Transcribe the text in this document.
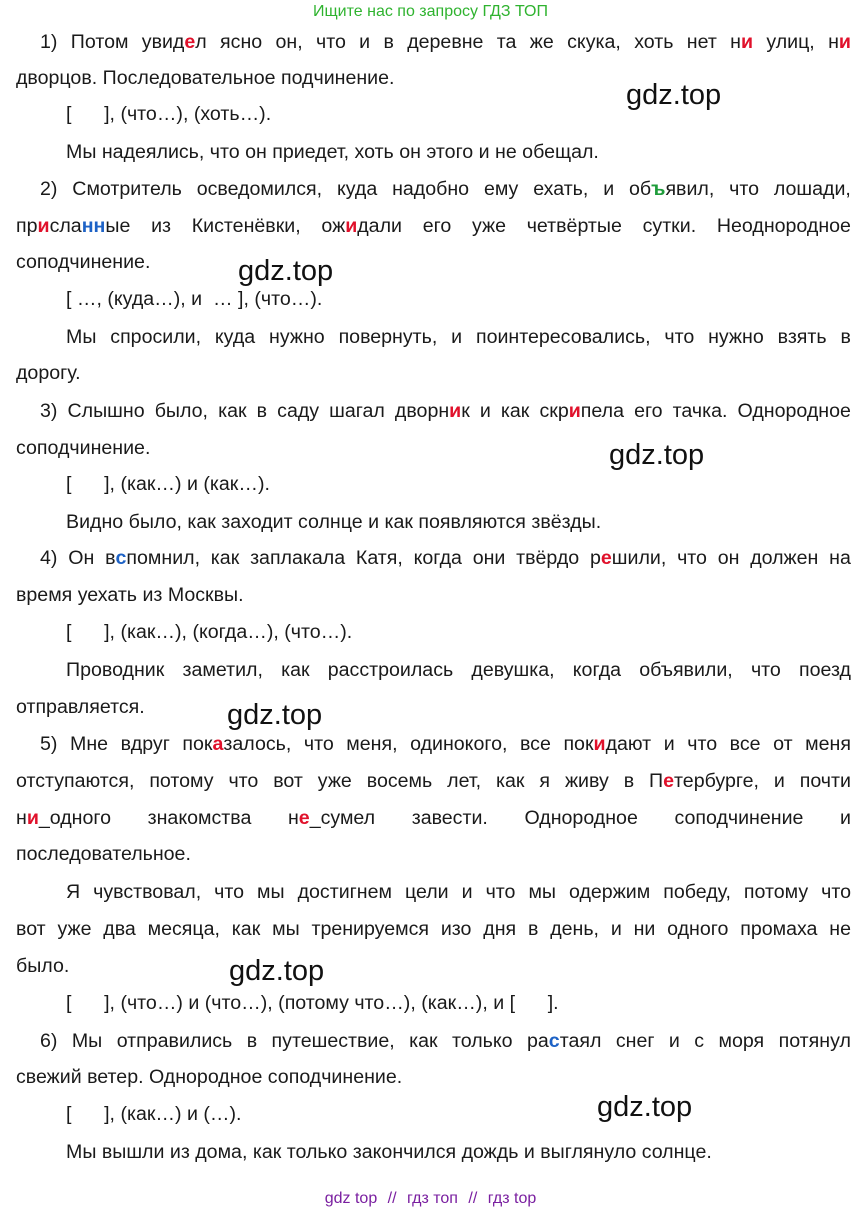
Ищите нас по запросу ГДЗ ТОП
1) Потом увидел ясно он, что и в деревне та же скука, хоть нет ни улиц, ни
дворцов. Последовательное подчинение.
[      ], (что…), (хоть…).
Мы надеялись, что он приедет, хоть он этого и не обещал.
2) Смотритель осведомился, куда надобно ему ехать, и объявил, что лошади,
присланные из Кистенёвки, ожидали его уже четвёртые сутки. Неоднородное
соподчинение.
[ …, (куда…), и  … ], (что…).
Мы спросили, куда нужно повернуть, и поинтересовались, что нужно взять в
дорогу.
3) Слышно было, как в саду шагал дворник и как скрипела его тачка. Однородное
соподчинение.
[      ], (как…) и (как…).
Видно было, как заходит солнце и как появляются звёзды.
4) Он вспомнил, как заплакала Катя, когда они твёрдо решили, что он должен на
время уехать из Москвы.
[      ], (как…), (когда…), (что…).
Проводник заметил, как расстроилась девушка, когда объявили, что поезд
отправляется.
5) Мне вдруг показалось, что меня, одинокого, все покидают и что все от меня
отступаются, потому что вот уже восемь лет, как я живу в Петербурге, и почти
ни_одного знакомства не_сумел завести. Однородное соподчинение и
последовательное.
[      ], (что…) и (что…), (потому что…), (как…), и [      ].
Я чувствовал, что мы достигнем цели и что мы одержим победу, потому что
вот уже два месяца, как мы тренируемся изо дня в день, и ни одного промаха не
было.
6) Мы отправились в путешествие, как только растаял снег и с моря потянул
свежий ветер. Однородное соподчинение.
[      ], (как…) и (…).
Мы вышли из дома, как только закончился дождь и выглянуло солнце.
gdz top // гдз топ // гдз top
gdz.top
gdz.top
gdz.top
gdz.top
gdz.top
gdz.top
